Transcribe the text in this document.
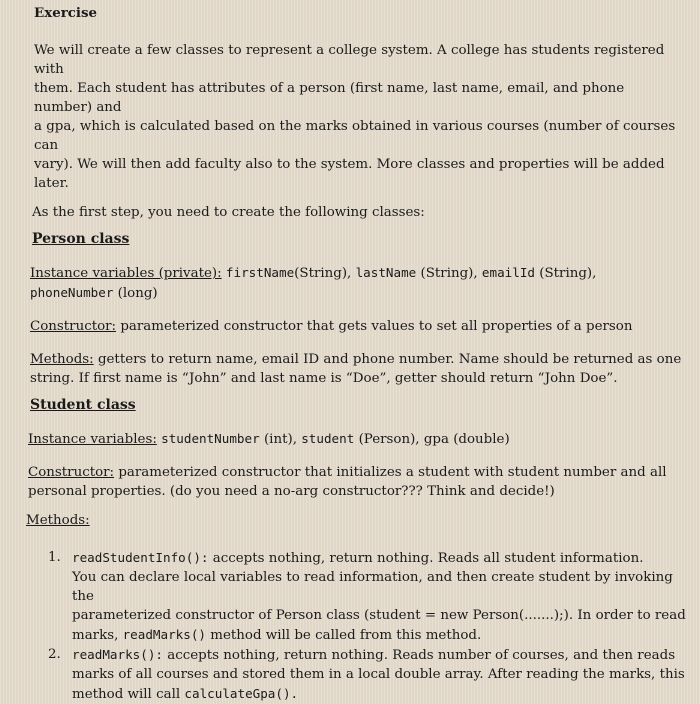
Exercise

We will create a few classes to represent a college system. A college has students registered with

them. Each student has attributes of a person (first name, last name, email, and phone number) and

a gpa, which is calculated based on the marks obtained in various courses (number of courses can

vary). We will then add faculty also to the system. More classes and properties will be added later.

As the first step, you need to create the following classes:

Person class

Instance variables (private): firstName(String), lastName (String), emailId (String),

phoneNumber (long)

Constructor: parameterized constructor that gets values to set all properties of a person

Methods: getters to return name, email ID and phone number. Name should be returned as one

string. If first name is “John” and last name is “Doe”, getter should return “John Doe”.

Student class

Instance variables: studentNumber (int), student (Person), gpa (double)

Constructor: parameterized constructor that initializes a student with student number and all

personal properties. (do you need a no-arg constructor??? Think and decide!)

Methods:

1. readStudentInfo(): accepts nothing, return nothing. Reads all student information.

You can declare local variables to read information, and then create student by invoking the

parameterized constructor of Person class (student = new Person(.......);). In order to read

marks, readMarks() method will be called from this method.

2. readMarks(): accepts nothing, return nothing. Reads number of courses, and then reads

marks of all courses and stored them in a local double array. After reading the marks, this

method will call calculateGpa().
